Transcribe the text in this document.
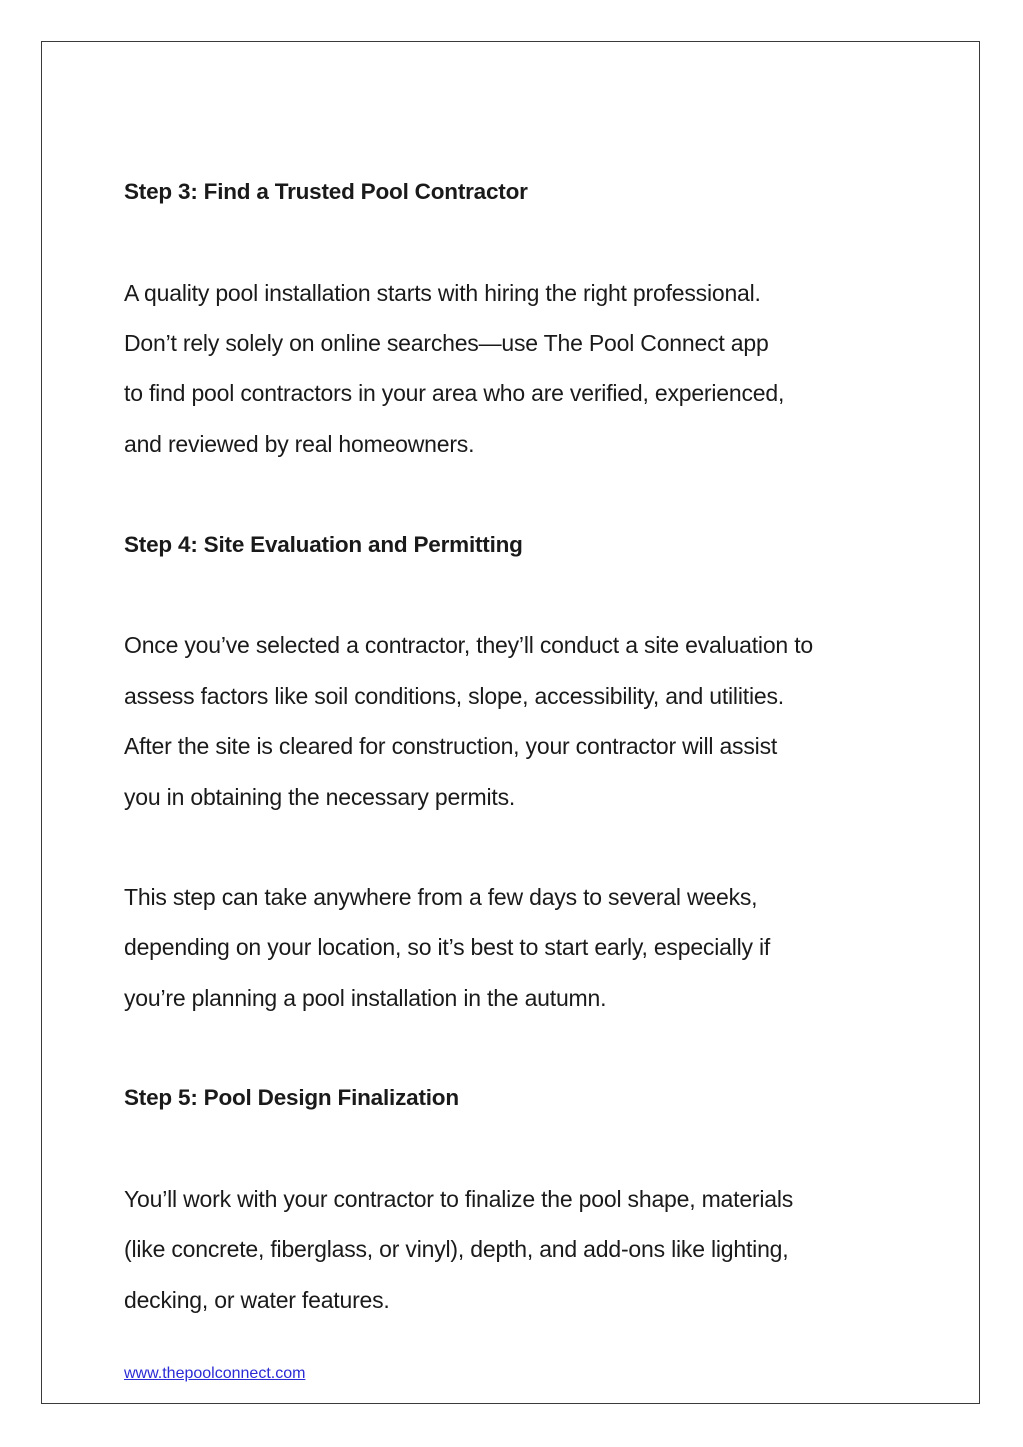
Step 3: Find a Trusted Pool Contractor
A quality pool installation starts with hiring the right professional.
Don’t rely solely on online searches—use The Pool Connect app
to find pool contractors in your area who are verified, experienced,
and reviewed by real homeowners.
Step 4: Site Evaluation and Permitting
Once you’ve selected a contractor, they’ll conduct a site evaluation to
assess factors like soil conditions, slope, accessibility, and utilities.
After the site is cleared for construction, your contractor will assist
you in obtaining the necessary permits.
This step can take anywhere from a few days to several weeks,
depending on your location, so it’s best to start early, especially if
you’re planning a pool installation in the autumn.
Step 5: Pool Design Finalization
You’ll work with your contractor to finalize the pool shape, materials
(like concrete, fiberglass, or vinyl), depth, and add-ons like lighting,
decking, or water features.
www.thepoolconnect.com
